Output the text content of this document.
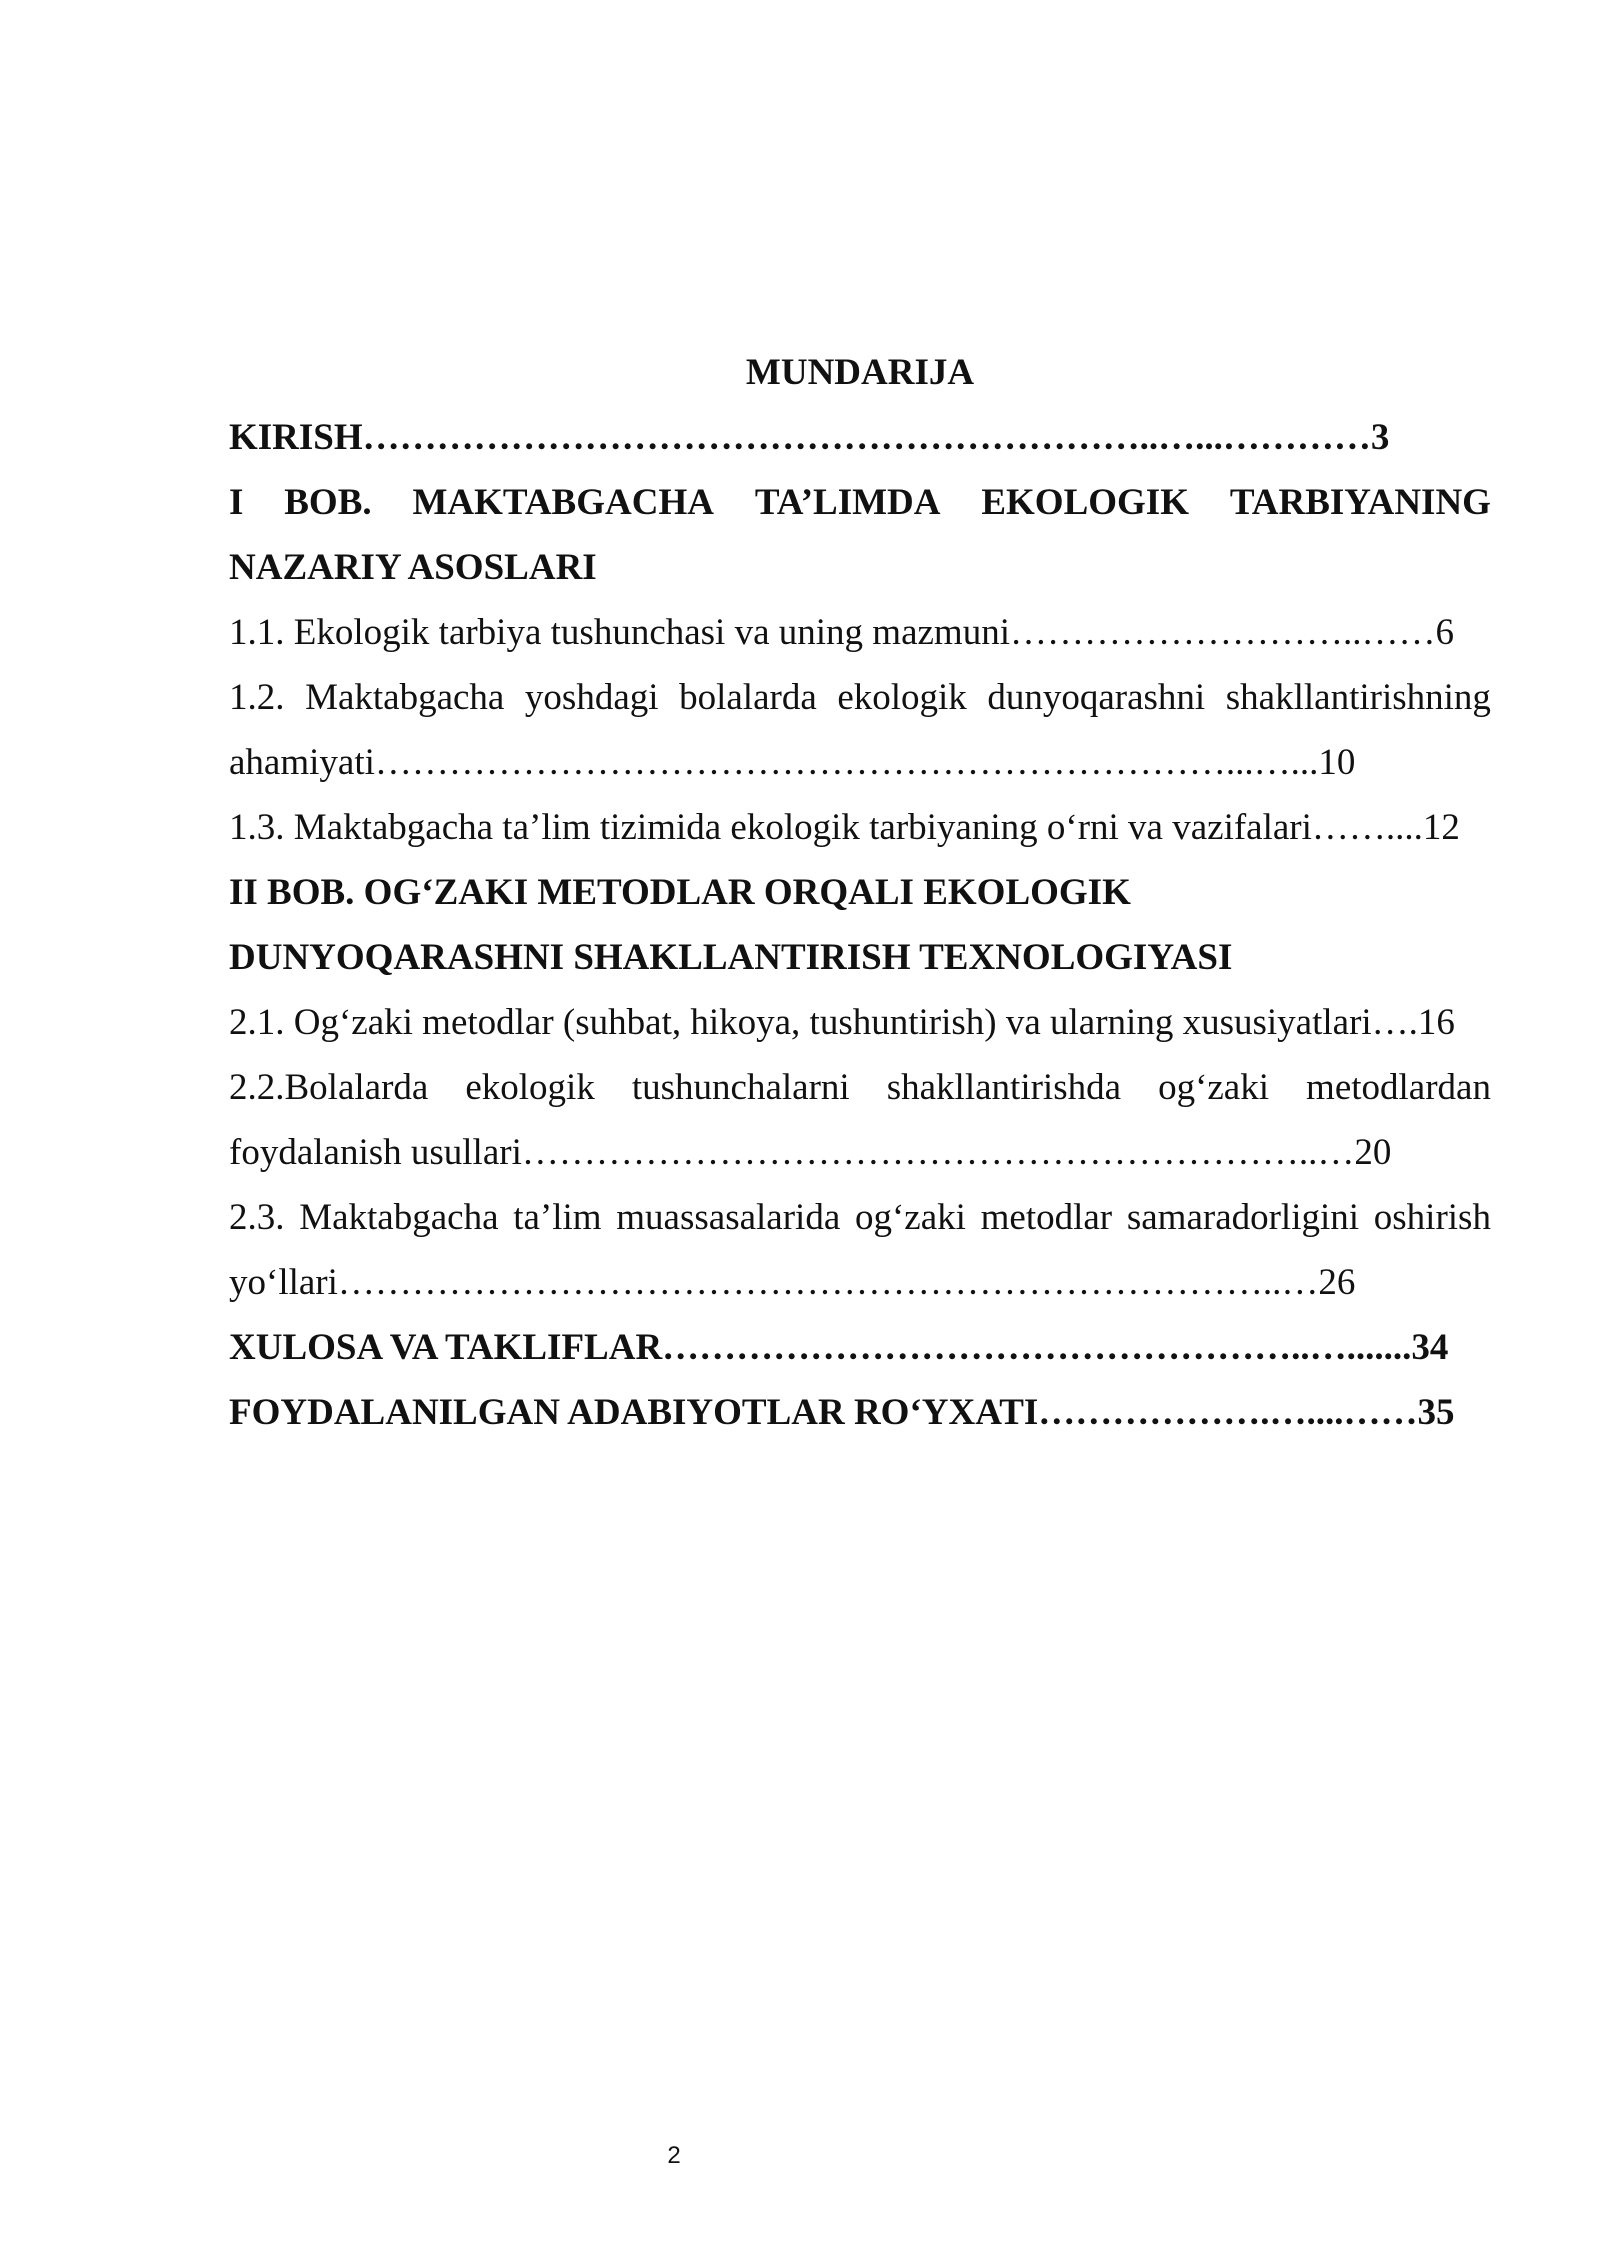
MUNDARIJA
KIRISH………………………………………………………..…...…………3
I BOB. MAKTABGACHA TA’LIMDA EKOLOGIK TARBIYANING
NAZARIY ASOSLARI
1.1. Ekologik tarbiya tushunchasi va uning mazmuni………………………..……6
1.2. Maktabgacha yoshdagi bolalarda ekologik dunyoqarashni shakllantirishning
ahamiyati……………………………………………………………...…...10
1.3. Maktabgacha ta’lim tizimida ekologik tarbiyaning o‘rni va vazifalari……....12
II BOB. OG‘ZAKI METODLAR ORQALI EKOLOGIK
DUNYOQARASHNI SHAKLLANTIRISH TEXNOLOGIYASI
2.1. Og‘zaki metodlar (suhbat, hikoya, tushuntirish) va ularning xususiyatlari….16
2.2.Bolalarda ekologik tushunchalarni shakllantirishda og‘zaki metodlardan
foydalanish usullari………………………………………………………..…20
2.3. Maktabgacha ta’lim muassasalarida og‘zaki metodlar samaradorligini oshirish
yo‘llari…………………………………………………………………..…26
XULOSA VA TAKLIFLAR……………………………………………..….......34
FOYDALANILGAN ADABIYOTLAR RO‘YXATI……………….…....……35
2
